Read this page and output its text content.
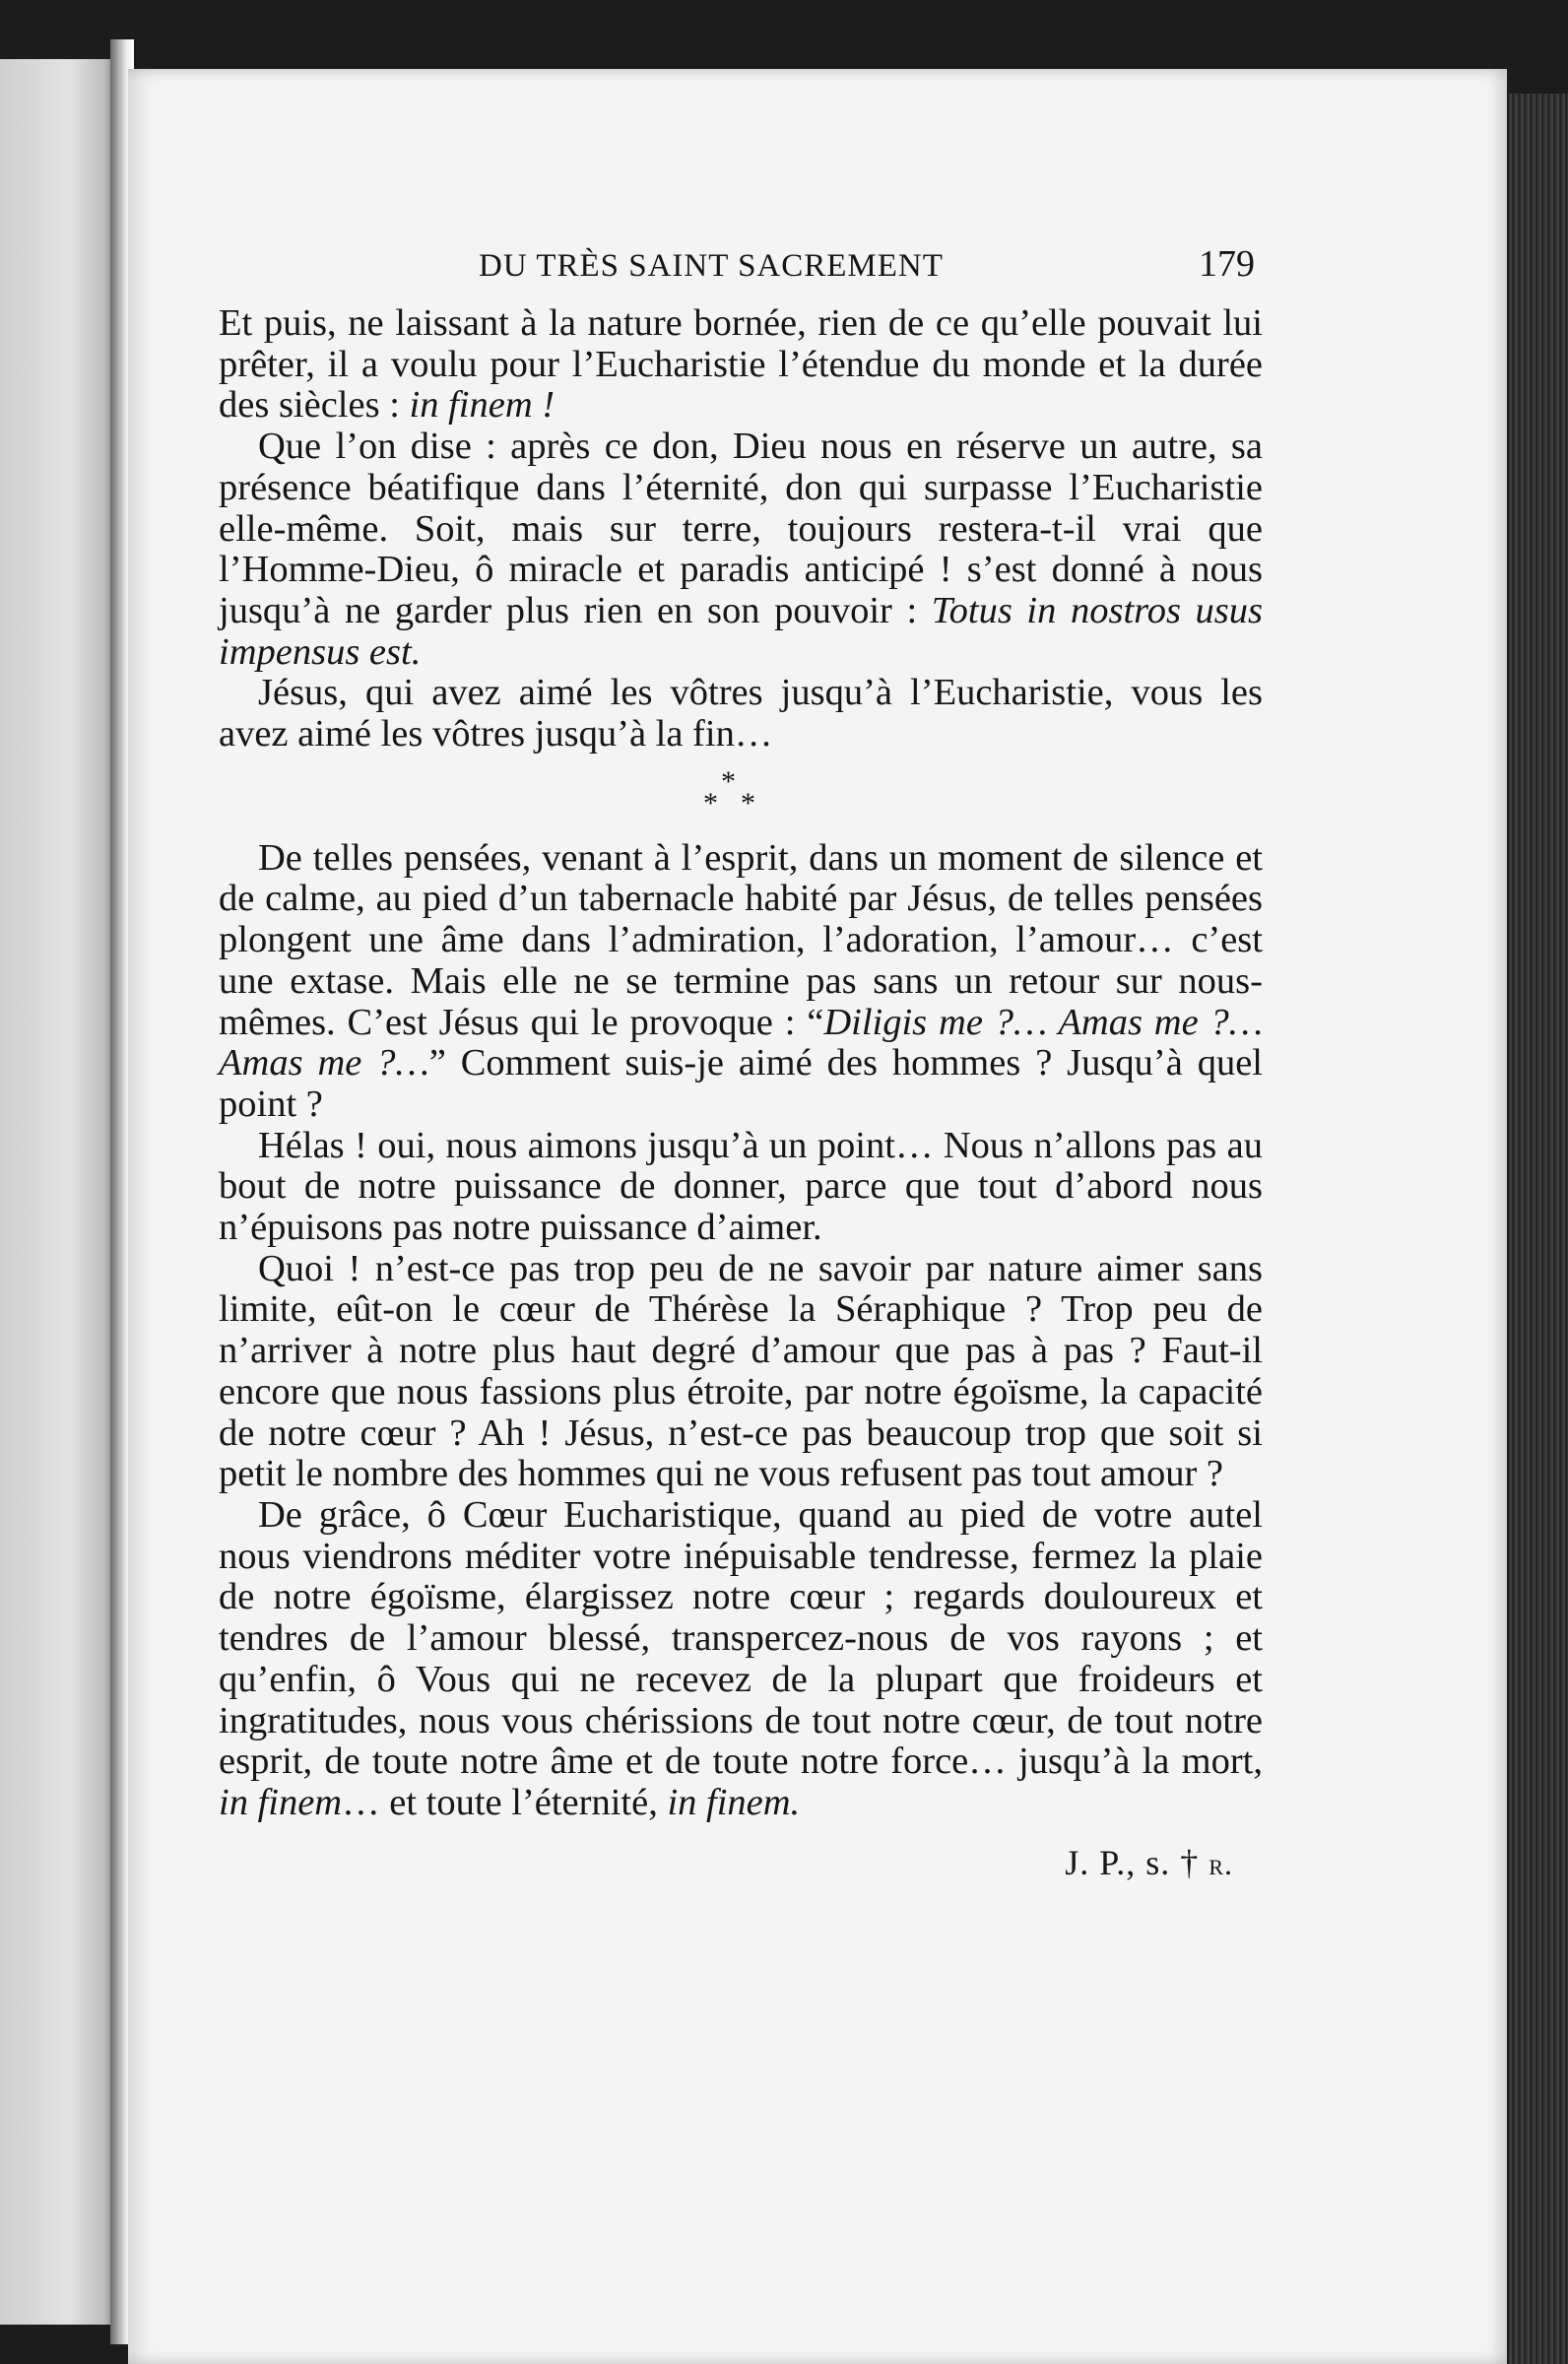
DU TRÈS SAINT SACREMENT	179

Et puis, ne laissant à la nature bornée, rien de ce qu’elle pouvait lui prêter, il a voulu pour l’Eucharistie l’étendue du monde et la durée des siècles : in finem !

Que l’on dise : après ce don, Dieu nous en réserve un autre, sa présence béatifique dans l’éternité, don qui surpasse l’Eucharistie elle-même. Soit, mais sur terre, toujours restera-t-il vrai que l’Homme-Dieu, ô miracle et paradis anticipé ! s’est donné à nous jusqu’à ne garder plus rien en son pouvoir : Totus in nostros usus impensus est.

Jésus, qui avez aimé les vôtres jusqu’à l’Eucharistie, vous les avez aimé les vôtres jusqu’à la fin…

*
* *

De telles pensées, venant à l’esprit, dans un moment de silence et de calme, au pied d’un tabernacle habité par Jésus, de telles pensées plongent une âme dans l’admiration, l’adoration, l’amour… c’est une extase. Mais elle ne se termine pas sans un retour sur nous-mêmes. C’est Jésus qui le provoque : “Diligis me ?… Amas me ?… Amas me ?…” Comment suis-je aimé des hommes ? Jusqu’à quel point ?

Hélas ! oui, nous aimons jusqu’à un point… Nous n’allons pas au bout de notre puissance de donner, parce que tout d’abord nous n’épuisons pas notre puissance d’aimer.

Quoi ! n’est-ce pas trop peu de ne savoir par nature aimer sans limite, eût-on le cœur de Thérèse la Séraphique ? Trop peu de n’arriver à notre plus haut degré d’amour que pas à pas ? Faut-il encore que nous fassions plus étroite, par notre égoïsme, la capacité de notre cœur ? Ah ! Jésus, n’est-ce pas beaucoup trop que soit si petit le nombre des hommes qui ne vous refusent pas tout amour ?

De grâce, ô Cœur Eucharistique, quand au pied de votre autel nous viendrons méditer votre inépuisable tendresse, fermez la plaie de notre égoïsme, élargissez notre cœur ; regards douloureux et tendres de l’amour blessé, transpercez-nous de vos rayons ; et qu’enfin, ô Vous qui ne recevez de la plupart que froideurs et ingratitudes, nous vous chérissions de tout notre cœur, de tout notre esprit, de toute notre âme et de toute notre force… jusqu’à la mort, in finem… et toute l’éternité, in finem.

J. P., s. † r.
